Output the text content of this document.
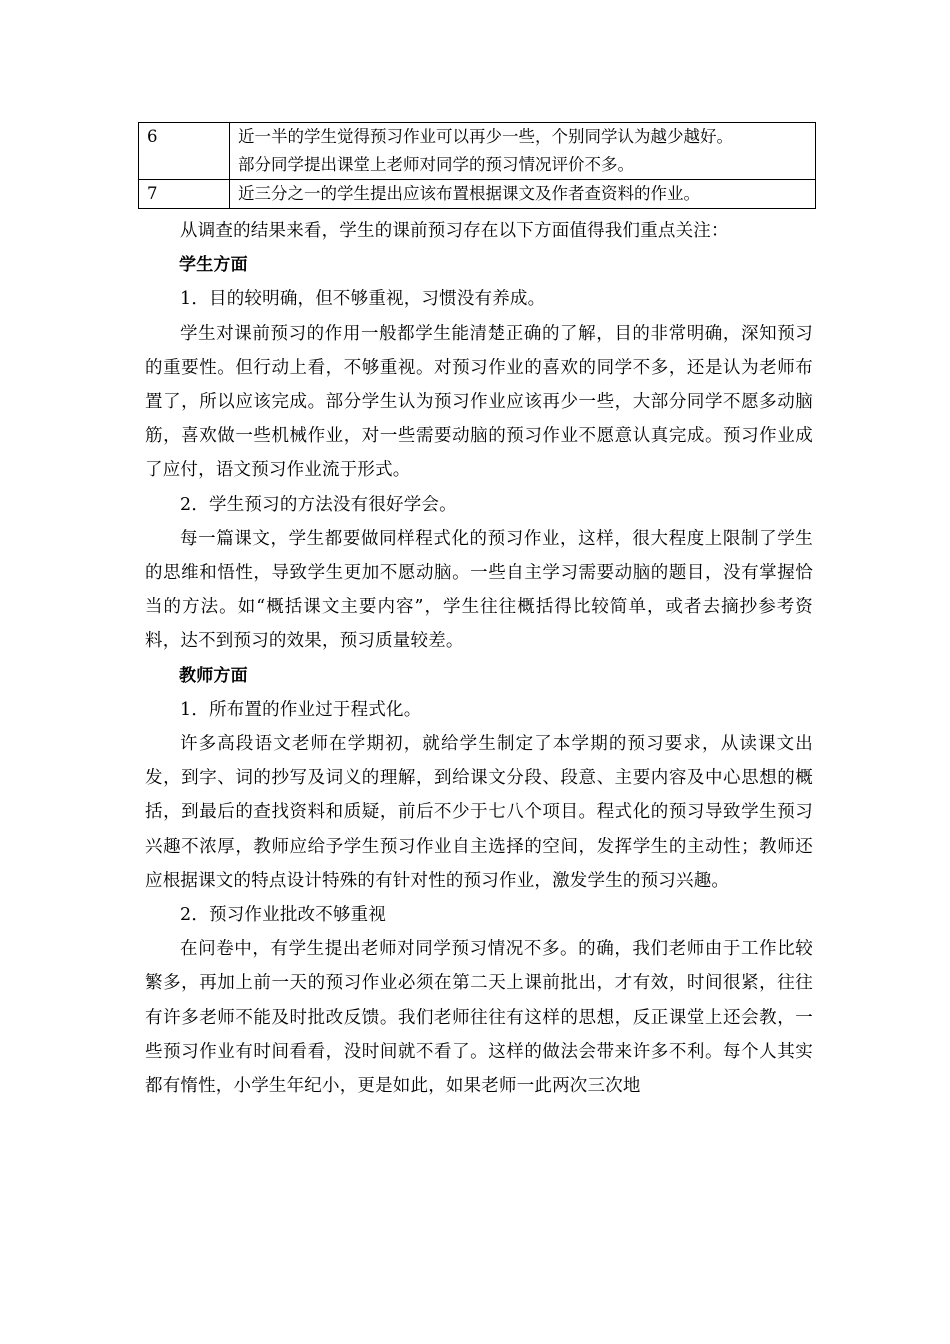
6	近一半的学生觉得预习作业可以再少一些，个别同学认为越少越好。
部分同学提出课堂上老师对同学的预习情况评价不多。

7	近三分之一的学生提出应该布置根据课文及作者查资料的作业。

从调查的结果来看，学生的课前预习存在以下方面值得我们重点关注：

学生方面

1．目的较明确，但不够重视，习惯没有养成。

学生对课前预习的作用一般都学生能清楚正确的了解，目的非常明确，深知预习的重要性。但行动上看，不够重视。对预习作业的喜欢的同学不多，还是认为老师布置了，所以应该完成。部分学生认为预习作业应该再少一些，大部分同学不愿多动脑筋，喜欢做一些机械作业，对一些需要动脑的预习作业不愿意认真完成。预习作业成了应付，语文预习作业流于形式。

2．学生预习的方法没有很好学会。

每一篇课文，学生都要做同样程式化的预习作业，这样，很大程度上限制了学生的思维和悟性，导致学生更加不愿动脑。一些自主学习需要动脑的题目，没有掌握恰当的方法。如“概括课文主要内容”，学生往往概括得比较简单，或者去摘抄参考资料，达不到预习的效果，预习质量较差。

教师方面

1．所布置的作业过于程式化。

许多高段语文老师在学期初，就给学生制定了本学期的预习要求，从读课文出发，到字、词的抄写及词义的理解，到给课文分段、段意、主要内容及中心思想的概括，到最后的查找资料和质疑，前后不少于七八个项目。程式化的预习导致学生预习兴趣不浓厚，教师应给予学生预习作业自主选择的空间，发挥学生的主动性；教师还应根据课文的特点设计特殊的有针对性的预习作业，激发学生的预习兴趣。

2．预习作业批改不够重视

在问卷中，有学生提出老师对同学预习情况不多。的确，我们老师由于工作比较繁多，再加上前一天的预习作业必须在第二天上课前批出，才有效，时间很紧，往往有许多老师不能及时批改反馈。我们老师往往有这样的思想，反正课堂上还会教，一些预习作业有时间看看，没时间就不看了。这样的做法会带来许多不利。每个人其实都有惰性，小学生年纪小，更是如此，如果老师一此两次三次地
